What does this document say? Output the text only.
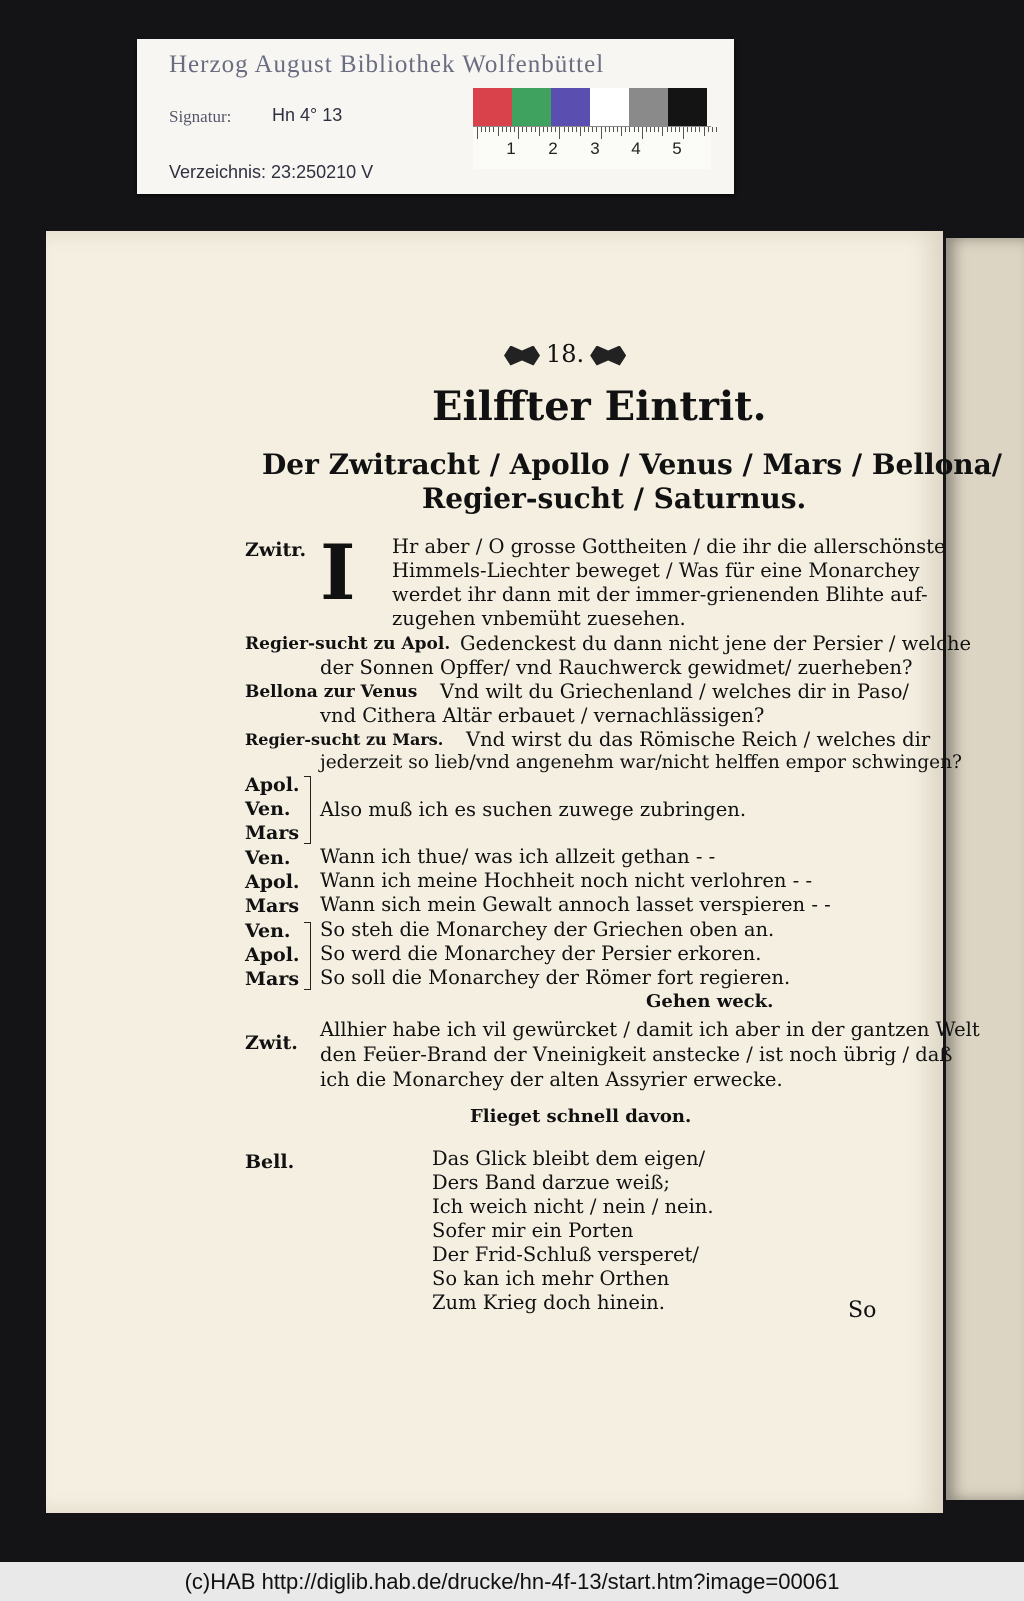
Herzog August Bibliothek Wolfenbüttel
Signatur: Hn 4° 13
Verzeichnis: 23:250210 V
1	2	3	4	5
18.
Eilffter Eintrit.
Der Zwitracht / Apollo / Venus / Mars / Bellona/
Regier-sucht / Saturnus.
I
Zwitr.	Hr aber / O grosse Gottheiten / die ihr die allerschönste
Himmels-Liechter beweget / Was für eine Monarchey
werdet ihr dann mit der immer-grienenden Blihte auf-
zugehen vnbemüht zuesehen.
Regier-sucht zu Apol. Gedenckest du dann nicht jene der Persier / welche
der Sonnen Opffer/ vnd Rauchwerck gewidmet/ zuerheben?
Bellona zur Venus Vnd wilt du Griechenland / welches dir in Paso/
vnd Cithera Altär erbauet / vernachlässigen?
Regier-sucht zu Mars. Vnd wirst du das Römische Reich / welches dir
jederzeit so lieb/vnd angenehm war/nicht helffen empor schwingen?
Apol.
Ven.
Mars
Also muß ich es suchen zuwege zubringen.
Ven. Wann ich thue/ was ich allzeit gethan - -
Apol. Wann ich meine Hochheit noch nicht verlohren - -
Mars Wann sich mein Gewalt annoch lasset verspieren - -
Ven. So steh die Monarchey der Griechen oben an.
Apol. So werd die Monarchey der Persier erkoren.
Mars So soll die Monarchey der Römer fort regieren.
Gehen weck.
Zwit.
Allhier habe ich vil gewürcket / damit ich aber in der gantzen Welt
den Feüer-Brand der Vneinigkeit anstecke / ist noch übrig / daß
ich die Monarchey der alten Assyrier erwecke.
Flieget schnell davon.
Bell.	Das Glick bleibt dem eigen/
Ders Band darzue weiß;
Ich weich nicht / nein / nein.
Sofer mir ein Porten
Der Frid-Schluß versperet/
So kan ich mehr Orthen
Zum Krieg doch hinein.	So
(c)HAB http://diglib.hab.de/drucke/hn-4f-13/start.htm?image=00061
